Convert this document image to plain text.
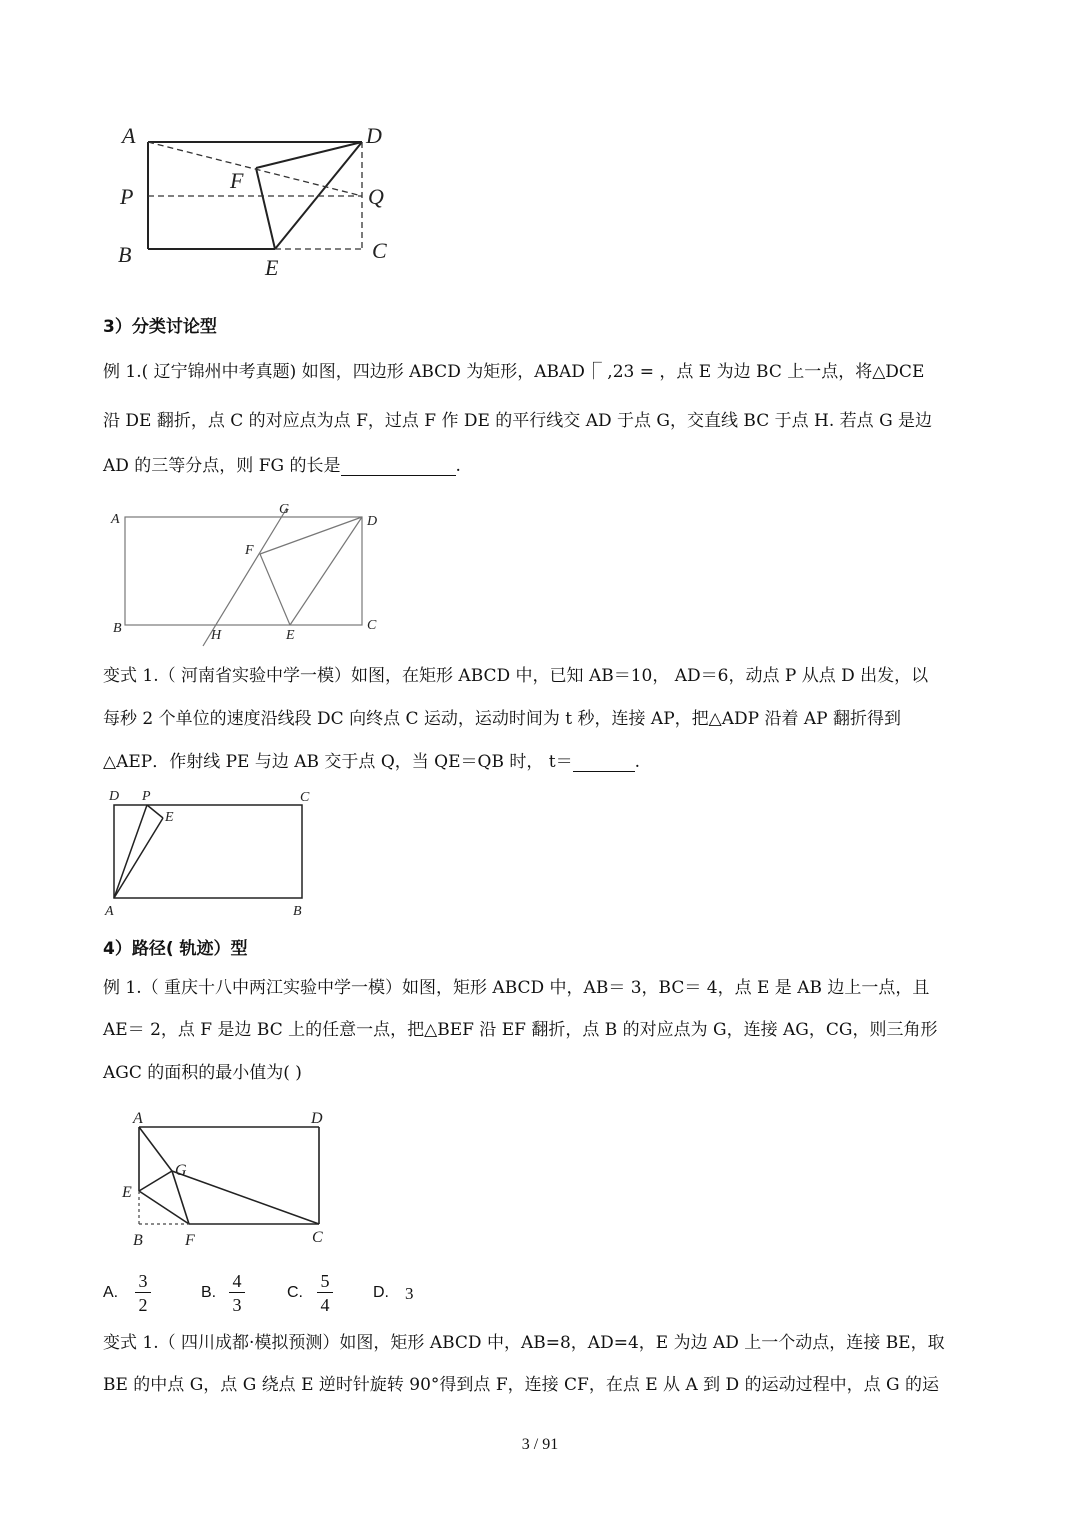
A	D
F
P	Q
B
E
C
3）分类讨论型
例 1.( 辽宁锦州中考真题) 如图，四边形 ABCD 为矩形，ABAD⎾ ,23 = ，点 E 为边 BC 上一点，将△DCE
沿 DE 翻折，点 C 的对应点为点 F，过点 F 作 DE 的平行线交 AD 于点 G，交直线 BC 于点 H. 若点 G 是边
AD 的三等分点，则 FG 的长是	.
A
G
D
F
B	H	E
C
变式 1.（ 河南省实验中学一模）如图，在矩形 ABCD 中，已知 AB＝10， AD＝6，动点 P 从点 D 出发，以
每秒 2 个单位的速度沿线段 DC 向终点 C 运动，运动时间为 t 秒，连接 AP，把△ADP 沿着 AP 翻折得到
△AEP．作射线 PE 与边 AB 交于点 Q，当 QE＝QB 时， t＝	.
D P	C
E
A	B
4）路径( 轨迹）型
例 1.（ 重庆十八中两江实验中学一模）如图，矩形 ABCD 中，AB＝ 3，BC＝ 4，点 E 是 AB 边上一点，且
AE＝ 2，点 F 是边 BC 上的任意一点，把△BEF 沿 EF 翻折，点 B 的对应点为 G，连接 AG，CG，则三角形
AGC 的面积的最小值为( )
A	D
G
E
B	F	C
A. $\frac{3}{2}$	B. $\frac{4}{3}$	C. $\frac{5}{4}$	D. 3
变式 1.（ 四川成都·模拟预测）如图，矩形 ABCD 中，AB=8，AD=4，E 为边 AD 上一个动点，连接 BE，取
BE 的中点 G，点 G 绕点 E 逆时针旋转 90°得到点 F，连接 CF，在点 E 从 A 到 D 的运动过程中，点 G 的运
3 / 91
